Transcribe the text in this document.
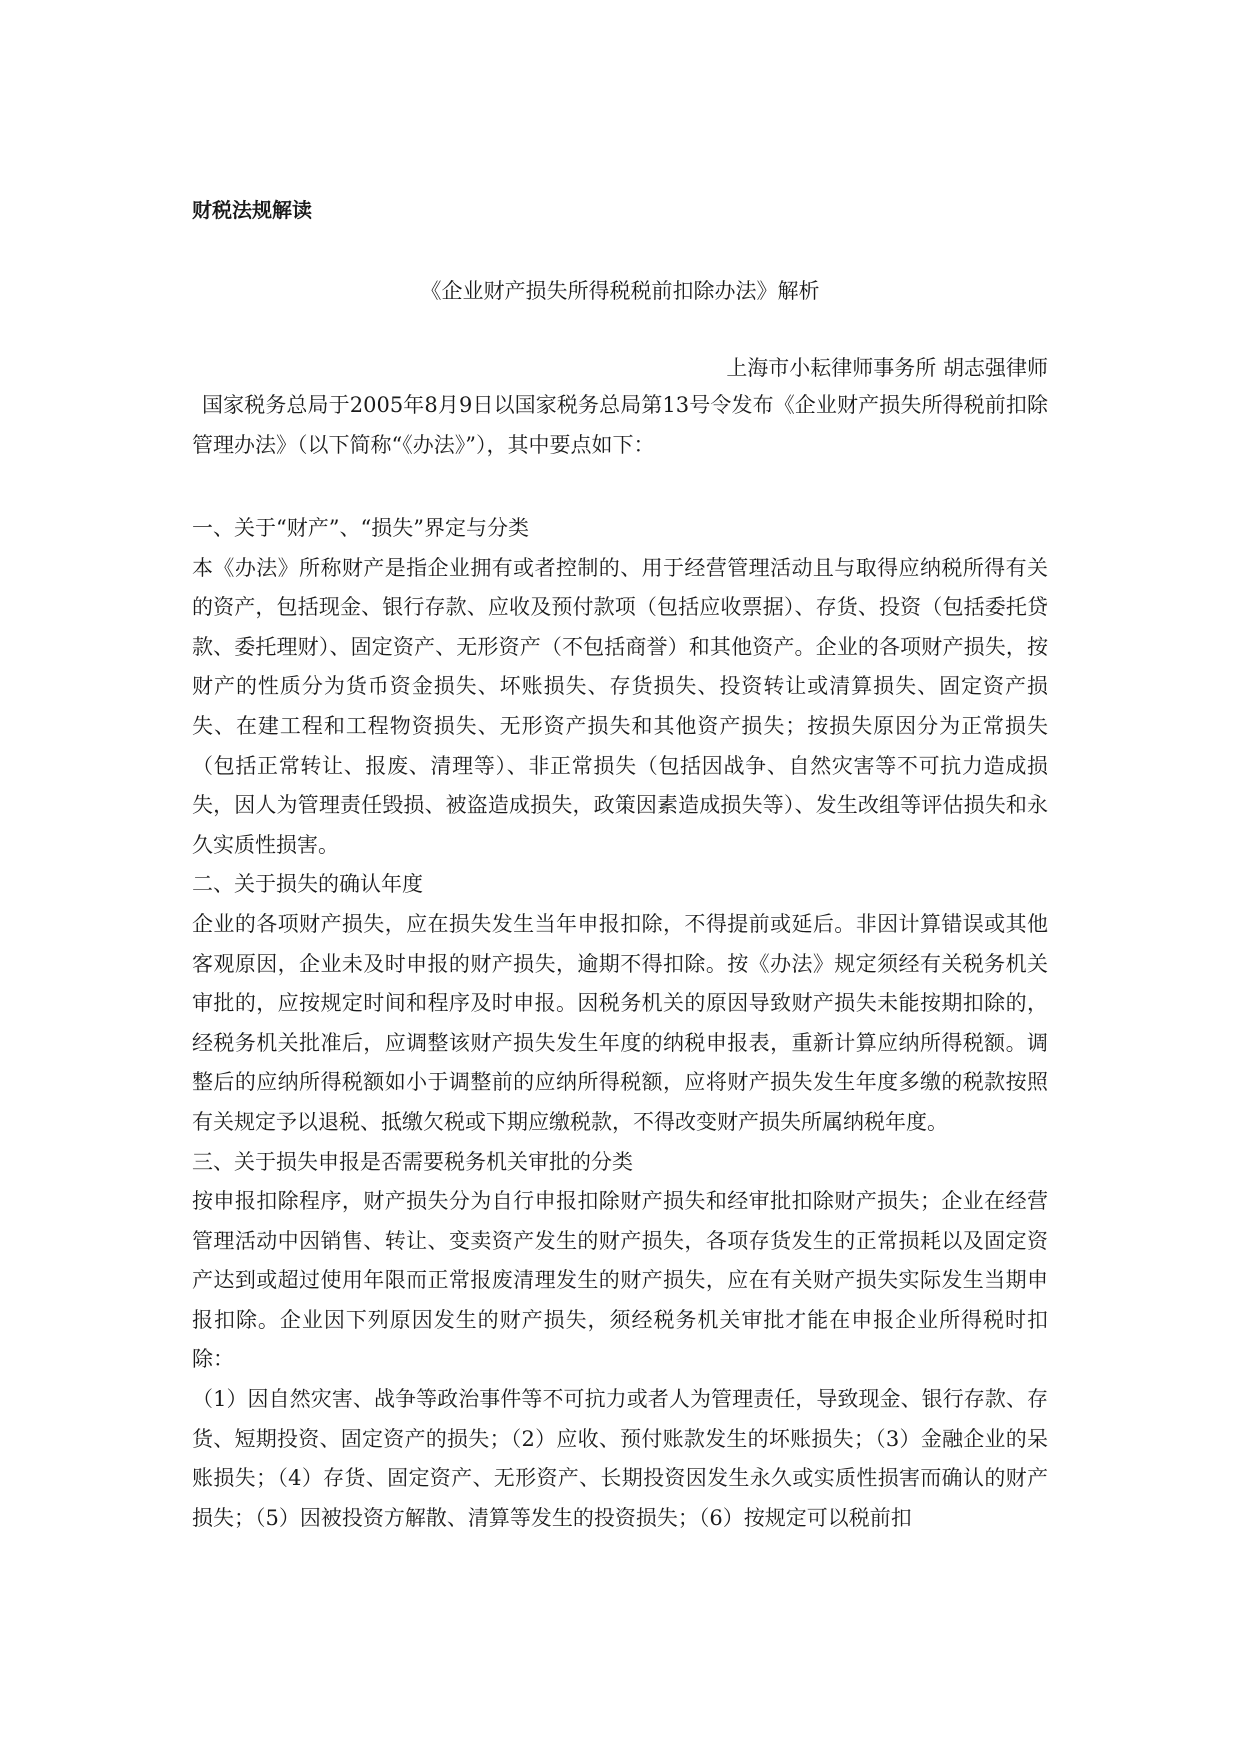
财税法规解读
《企业财产损失所得税税前扣除办法》解析

上海市小耘律师事务所 胡志强律师

国家税务总局于2005年8月9日以国家税务总局第13号令发布《企业财产损失所得税前扣除管理办法》（以下简称“《办法》”），其中要点如下：

一、关于“财产”、“损失”界定与分类

本《办法》所称财产是指企业拥有或者控制的、用于经营管理活动且与取得应纳税所得有关的资产，包括现金、银行存款、应收及预付款项（包括应收票据）、存货、投资（包括委托贷款、委托理财）、固定资产、无形资产（不包括商誉）和其他资产。企业的各项财产损失，按财产的性质分为货币资金损失、坏账损失、存货损失、投资转让或清算损失、固定资产损失、在建工程和工程物资损失、无形资产损失和其他资产损失；按损失原因分为正常损失（包括正常转让、报废、清理等）、非正常损失（包括因战争、自然灾害等不可抗力造成损失，因人为管理责任毁损、被盗造成损失，政策因素造成损失等）、发生改组等评估损失和永久实质性损害。

二、关于损失的确认年度

企业的各项财产损失，应在损失发生当年申报扣除，不得提前或延后。非因计算错误或其他客观原因，企业未及时申报的财产损失，逾期不得扣除。按《办法》规定须经有关税务机关审批的，应按规定时间和程序及时申报。因税务机关的原因导致财产损失未能按期扣除的，经税务机关批准后，应调整该财产损失发生年度的纳税申报表，重新计算应纳所得税额。调整后的应纳所得税额如小于调整前的应纳所得税额，应将财产损失发生年度多缴的税款按照有关规定予以退税、抵缴欠税或下期应缴税款，不得改变财产损失所属纳税年度。

三、关于损失申报是否需要税务机关审批的分类

按申报扣除程序，财产损失分为自行申报扣除财产损失和经审批扣除财产损失；企业在经营管理活动中因销售、转让、变卖资产发生的财产损失，各项存货发生的正常损耗以及固定资产达到或超过使用年限而正常报废清理发生的财产损失，应在有关财产损失实际发生当期申报扣除。企业因下列原因发生的财产损失，须经税务机关审批才能在申报企业所得税时扣除：

（1）因自然灾害、战争等政治事件等不可抗力或者人为管理责任，导致现金、银行存款、存货、短期投资、固定资产的损失；（2）应收、预付账款发生的坏账损失；（3）金融企业的呆账损失；（4）存货、固定资产、无形资产、长期投资因发生永久或实质性损害而确认的财产损失；（5）因被投资方解散、清算等发生的投资损失；（6）按规定可以税前扣
